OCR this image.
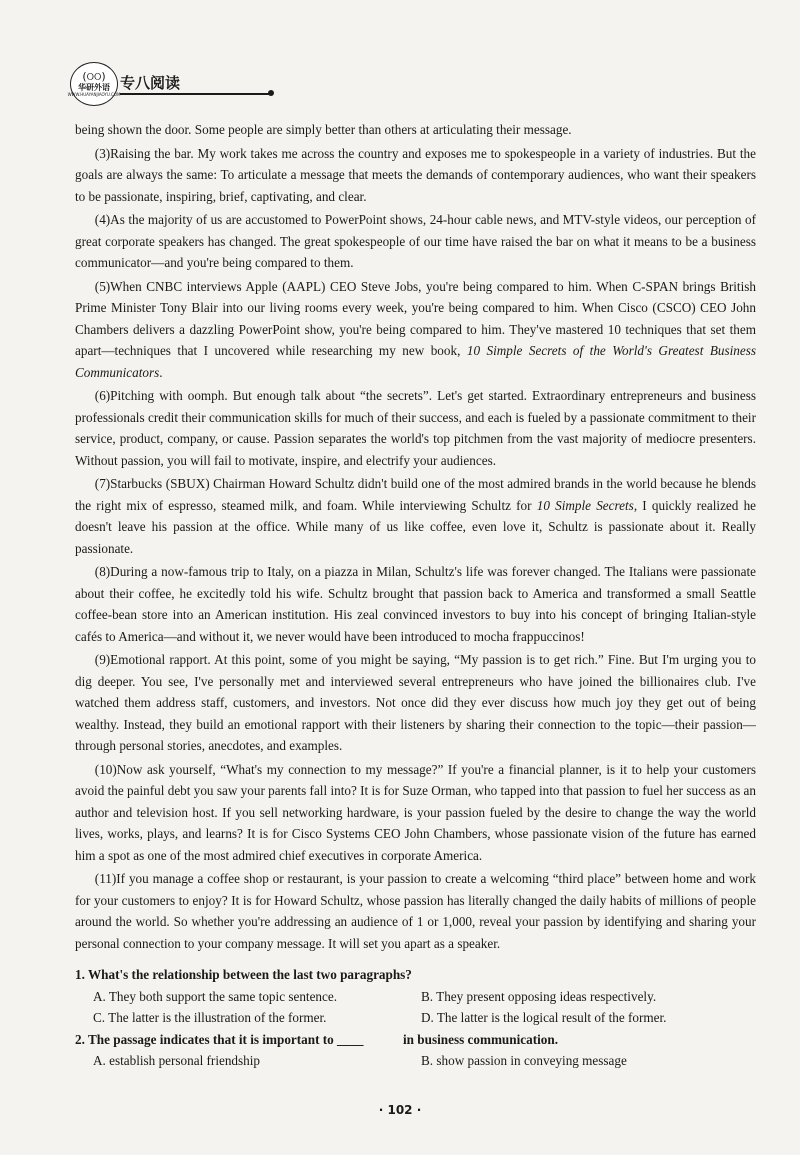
(ଠଠ)
华研外语
WWW.HUAYANJIAOYU.COM
专八阅读

being shown the door. Some people are simply better than others at articulating their message.

(3)Raising the bar. My work takes me across the country and exposes me to spokespeople in a variety of industries. But the goals are always the same: To articulate a message that meets the demands of contemporary audiences, who want their speakers to be passionate, inspiring, brief, captivating, and clear.

(4)As the majority of us are accustomed to PowerPoint shows, 24-hour cable news, and MTV-style videos, our perception of great corporate speakers has changed. The great spokespeople of our time have raised the bar on what it means to be a business communicator—and you're being compared to them.

(5)When CNBC interviews Apple (AAPL) CEO Steve Jobs, you're being compared to him. When C-SPAN brings British Prime Minister Tony Blair into our living rooms every week, you're being compared to him. When Cisco (CSCO) CEO John Chambers delivers a dazzling PowerPoint show, you're being compared to him. They've mastered 10 techniques that set them apart—techniques that I uncovered while researching my new book, 10 Simple Secrets of the World's Greatest Business Communicators.

(6)Pitching with oomph. But enough talk about “the secrets”. Let's get started. Extraordinary entrepreneurs and business professionals credit their communication skills for much of their success, and each is fueled by a passionate commitment to their service, product, company, or cause. Passion separates the world's top pitchmen from the vast majority of mediocre presenters. Without passion, you will fail to motivate, inspire, and electrify your audiences.

(7)Starbucks (SBUX) Chairman Howard Schultz didn't build one of the most admired brands in the world because he blends the right mix of espresso, steamed milk, and foam. While interviewing Schultz for 10 Simple Secrets, I quickly realized he doesn't leave his passion at the office. While many of us like coffee, even love it, Schultz is passionate about it. Really passionate.

(8)During a now-famous trip to Italy, on a piazza in Milan, Schultz's life was forever changed. The Italians were passionate about their coffee, he excitedly told his wife. Schultz brought that passion back to America and transformed a small Seattle coffee-bean store into an American institution. His zeal convinced investors to buy into his concept of bringing Italian-style cafés to America—and without it, we never would have been introduced to mocha frappuccinos!

(9)Emotional rapport. At this point, some of you might be saying, “My passion is to get rich.” Fine. But I'm urging you to dig deeper. You see, I've personally met and interviewed several entrepreneurs who have joined the billionaires club. I've watched them address staff, customers, and investors. Not once did they ever discuss how much joy they get out of being wealthy. Instead, they build an emotional rapport with their listeners by sharing their connection to the topic—their passion—through personal stories, anecdotes, and examples.

(10)Now ask yourself, “What's my connection to my message?” If you're a financial planner, is it to help your customers avoid the painful debt you saw your parents fall into? It is for Suze Orman, who tapped into that passion to fuel her success as an author and television host. If you sell networking hardware, is your passion fueled by the desire to change the way the world lives, works, plays, and learns? It is for Cisco Systems CEO John Chambers, whose passionate vision of the future has earned him a spot as one of the most admired chief executives in corporate America.

(11)If you manage a coffee shop or restaurant, is your passion to create a welcoming “third place” between home and work for your customers to enjoy? It is for Howard Schultz, whose passion has literally changed the daily habits of millions of people around the world. So whether you're addressing an audience of 1 or 1,000, reveal your passion by identifying and sharing your personal connection to your company message. It will set you apart as a speaker.

1. What's the relationship between the last two paragraphs?
A. They both support the same topic sentence.	B. They present opposing ideas respectively.
C. The latter is the illustration of the former.	D. The latter is the logical result of the former.
2. The passage indicates that it is important to ____	in business communication.
A. establish personal friendship	B. show passion in conveying message
· 102 ·
